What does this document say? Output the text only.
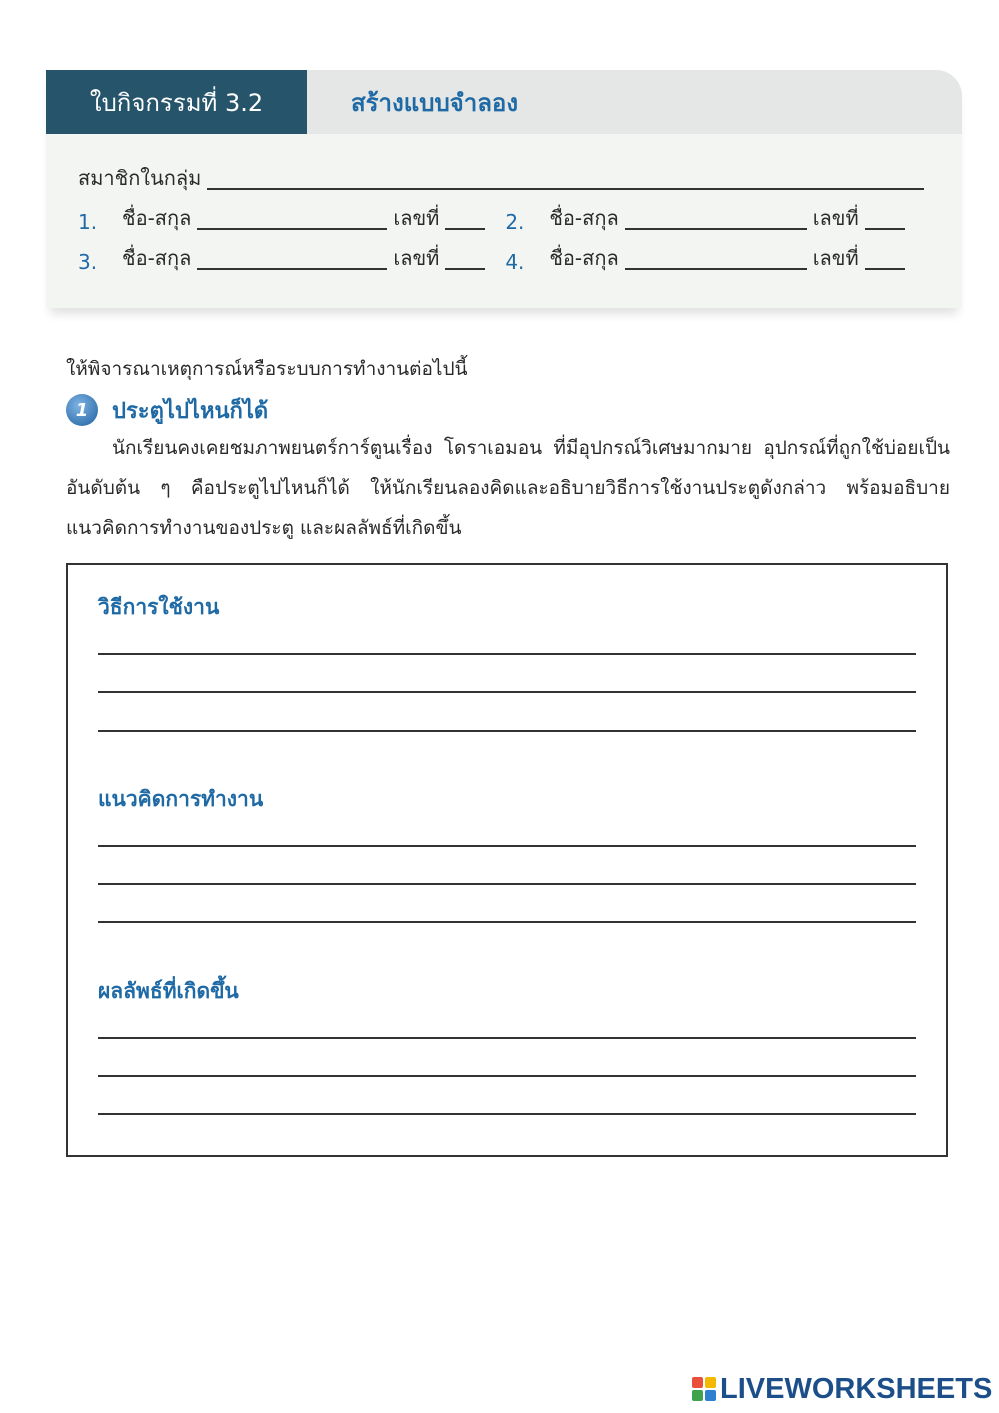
ใบกิจกรรมที่ 3.2	สร้างแบบจำลอง
สมาชิกในกลุ่ม
1.	ชื่อ-สกุล	เลขที่	2.	ชื่อ-สกุล	เลขที่
3.	ชื่อ-สกุล	เลขที่	4.	ชื่อ-สกุล	เลขที่
ให้พิจารณาเหตุการณ์หรือระบบการทำงานต่อไปนี้
1	ประตูไปไหนก็ได้
นักเรียนคงเคยชมภาพยนตร์การ์ตูนเรื่อง โดราเอมอน ที่มีอุปกรณ์วิเศษมากมาย อุปกรณ์ที่ถูกใช้บ่อยเป็นอันดับต้น ๆ คือประตูไปไหนก็ได้ ให้นักเรียนลองคิดและอธิบายวิธีการใช้งานประตูดังกล่าว พร้อมอธิบายแนวคิดการทำงานของประตู และผลลัพธ์ที่เกิดขึ้น
วิธีการใช้งาน
แนวคิดการทำงาน
ผลลัพธ์ที่เกิดขึ้น
LIVEWORKSHEETS
